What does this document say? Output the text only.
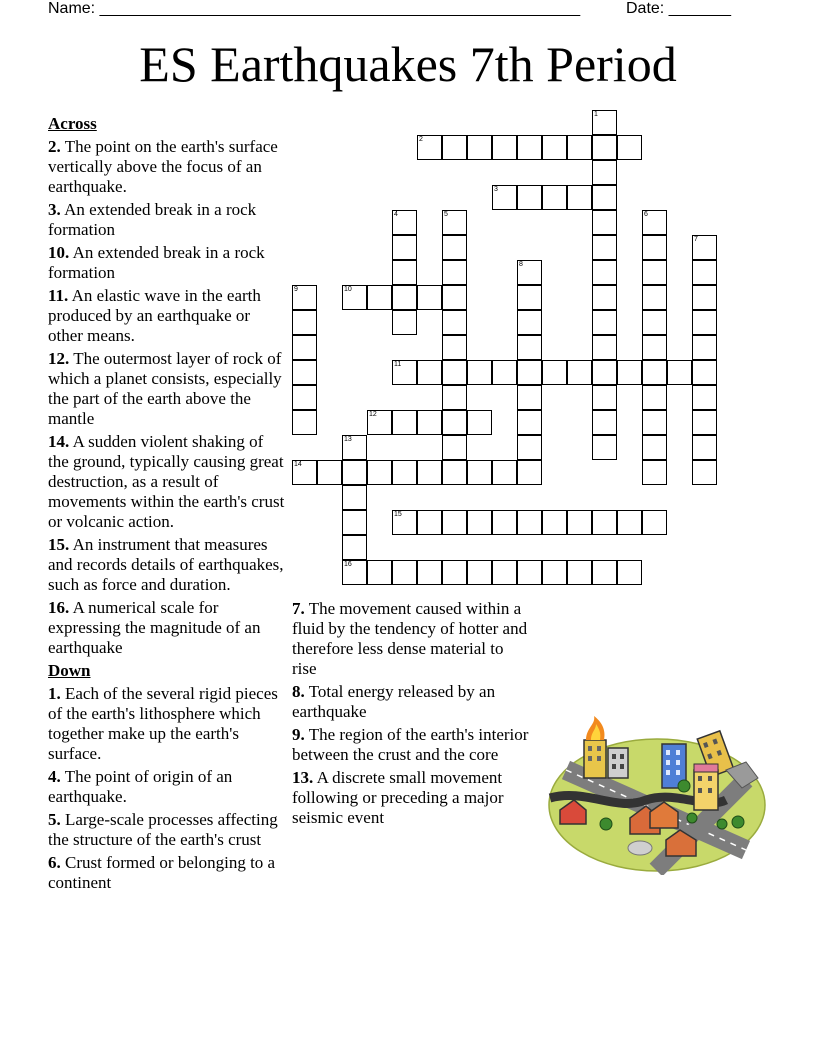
Name: ______________________________________________________	Date: _______
ES Earthquakes 7th Period
Across
2. The point on the earth's surface vertically above the focus of an earthquake.
3. An extended break in a rock formation
10. An extended break in a rock formation
11. An elastic wave in the earth produced by an earthquake or other means.
12. The outermost layer of rock of which a planet consists, especially the part of the earth above the mantle
14. A sudden violent shaking of the ground, typically causing great destruction, as a result of movements within the earth's crust or volcanic action.
15. An instrument that measures and records details of earthquakes, such as force and duration.
16. A numerical scale for expressing the magnitude of an earthquake
Down
1. Each of the several rigid pieces of the earth's lithosphere which together make up the earth's surface.
4. The point of origin of an earthquake.
5. Large-scale processes affecting the structure of the earth's crust
6. Crust formed or belonging to a continent
7. The movement caused within a fluid by the tendency of hotter and therefore less dense material to rise
8. Total energy released by an earthquake
9. The region of the earth's interior between the crust and the core
13. A discrete small movement following or preceding a major seismic event
1
2
3
4	5	6
7
8
9	10
11
12
13
14
15
16
